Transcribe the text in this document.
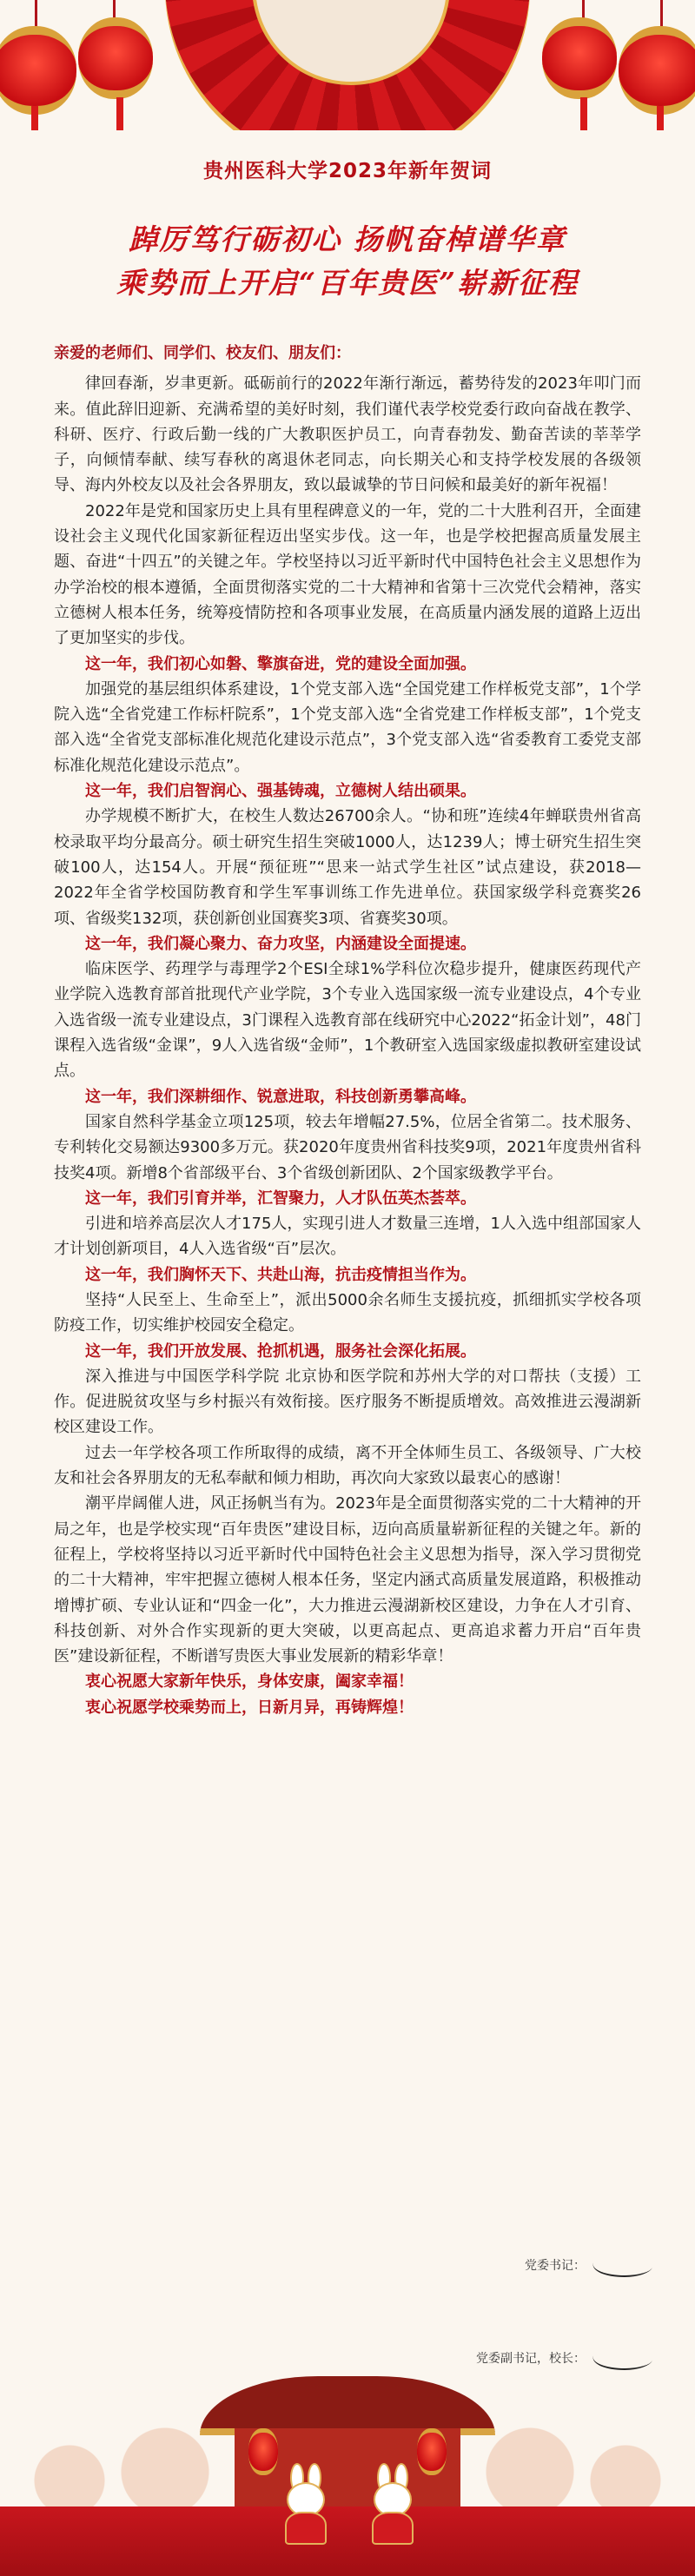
贵州医科大学2023年新年贺词
踔厉笃行砺初心 扬帆奋棹谱华章
乘势而上开启“百年贵医”崭新征程
亲爱的老师们、同学们、校友们、朋友们：

律回春渐，岁聿更新。砥砺前行的2022年渐行渐远，蓄势待发的2023年叩门而来。值此辞旧迎新、充满希望的美好时刻，我们谨代表学校党委行政向奋战在教学、科研、医疗、行政后勤一线的广大教职医护员工，向青春勃发、勤奋苦读的莘莘学子，向倾情奉献、续写春秋的离退休老同志，向长期关心和支持学校发展的各级领导、海内外校友以及社会各界朋友，致以最诚挚的节日问候和最美好的新年祝福！

2022年是党和国家历史上具有里程碑意义的一年，党的二十大胜利召开，全面建设社会主义现代化国家新征程迈出坚实步伐。这一年，也是学校把握高质量发展主题、奋进“十四五”的关键之年。学校坚持以习近平新时代中国特色社会主义思想作为办学治校的根本遵循，全面贯彻落实党的二十大精神和省第十三次党代会精神，落实立德树人根本任务，统筹疫情防控和各项事业发展，在高质量内涵发展的道路上迈出了更加坚实的步伐。

这一年，我们初心如磐、擎旗奋进，党的建设全面加强。

加强党的基层组织体系建设，1个党支部入选“全国党建工作样板党支部”，1个学院入选“全省党建工作标杆院系”，1个党支部入选“全省党建工作样板支部”，1个党支部入选“全省党支部标准化规范化建设示范点”，3个党支部入选“省委教育工委党支部标准化规范化建设示范点”。

这一年，我们启智润心、强基铸魂，立德树人结出硕果。

办学规模不断扩大，在校生人数达26700余人。“协和班”连续4年蝉联贵州省高校录取平均分最高分。硕士研究生招生突破1000人，达1239人；博士研究生招生突破100人，达154人。开展“预征班”“思来一站式学生社区”试点建设，获2018—2022年全省学校国防教育和学生军事训练工作先进单位。获国家级学科竞赛奖26项、省级奖132项，获创新创业国赛奖3项、省赛奖30项。

这一年，我们凝心聚力、奋力攻坚，内涵建设全面提速。

临床医学、药理学与毒理学2个ESI全球1%学科位次稳步提升，健康医药现代产业学院入选教育部首批现代产业学院，3个专业入选国家级一流专业建设点，4个专业入选省级一流专业建设点，3门课程入选教育部在线研究中心2022“拓金计划”，48门课程入选省级“金课”，9人入选省级“金师”，1个教研室入选国家级虚拟教研室建设试点。

这一年，我们深耕细作、锐意进取，科技创新勇攀高峰。

国家自然科学基金立项125项，较去年增幅27.5%，位居全省第二。技术服务、专利转化交易额达9300多万元。获2020年度贵州省科技奖9项，2021年度贵州省科技奖4项。新增8个省部级平台、3个省级创新团队、2个国家级教学平台。

这一年，我们引育并举，汇智聚力，人才队伍英杰荟萃。

引进和培养高层次人才175人，实现引进人才数量三连增，1人入选中组部国家人才计划创新项目，4人入选省级“百”层次。

这一年，我们胸怀天下、共赴山海，抗击疫情担当作为。

坚持“人民至上、生命至上”，派出5000余名师生支援抗疫，抓细抓实学校各项防疫工作，切实维护校园安全稳定。

这一年，我们开放发展、抢抓机遇，服务社会深化拓展。

深入推进与中国医学科学院 北京协和医学院和苏州大学的对口帮扶（支援）工作。促进脱贫攻坚与乡村振兴有效衔接。医疗服务不断提质增效。高效推进云漫湖新校区建设工作。

过去一年学校各项工作所取得的成绩，离不开全体师生员工、各级领导、广大校友和社会各界朋友的无私奉献和倾力相助，再次向大家致以最衷心的感谢！

潮平岸阔催人进，风正扬帆当有为。2023年是全面贯彻落实党的二十大精神的开局之年，也是学校实现“百年贵医”建设目标，迈向高质量崭新征程的关键之年。新的征程上，学校将坚持以习近平新时代中国特色社会主义思想为指导，深入学习贯彻党的二十大精神，牢牢把握立德树人根本任务，坚定内涵式高质量发展道路，积极推动增博扩硕、专业认证和“四金一化”，大力推进云漫湖新校区建设，力争在人才引育、科技创新、对外合作实现新的更大突破，以更高起点、更高追求蓄力开启“百年贵医”建设新征程，不断谱写贵医大事业发展新的精彩华章！

衷心祝愿大家新年快乐，身体安康，阖家幸福！

衷心祝愿学校乘势而上，日新月异，再铸辉煌！

党委书记：
党委副书记，校长：
